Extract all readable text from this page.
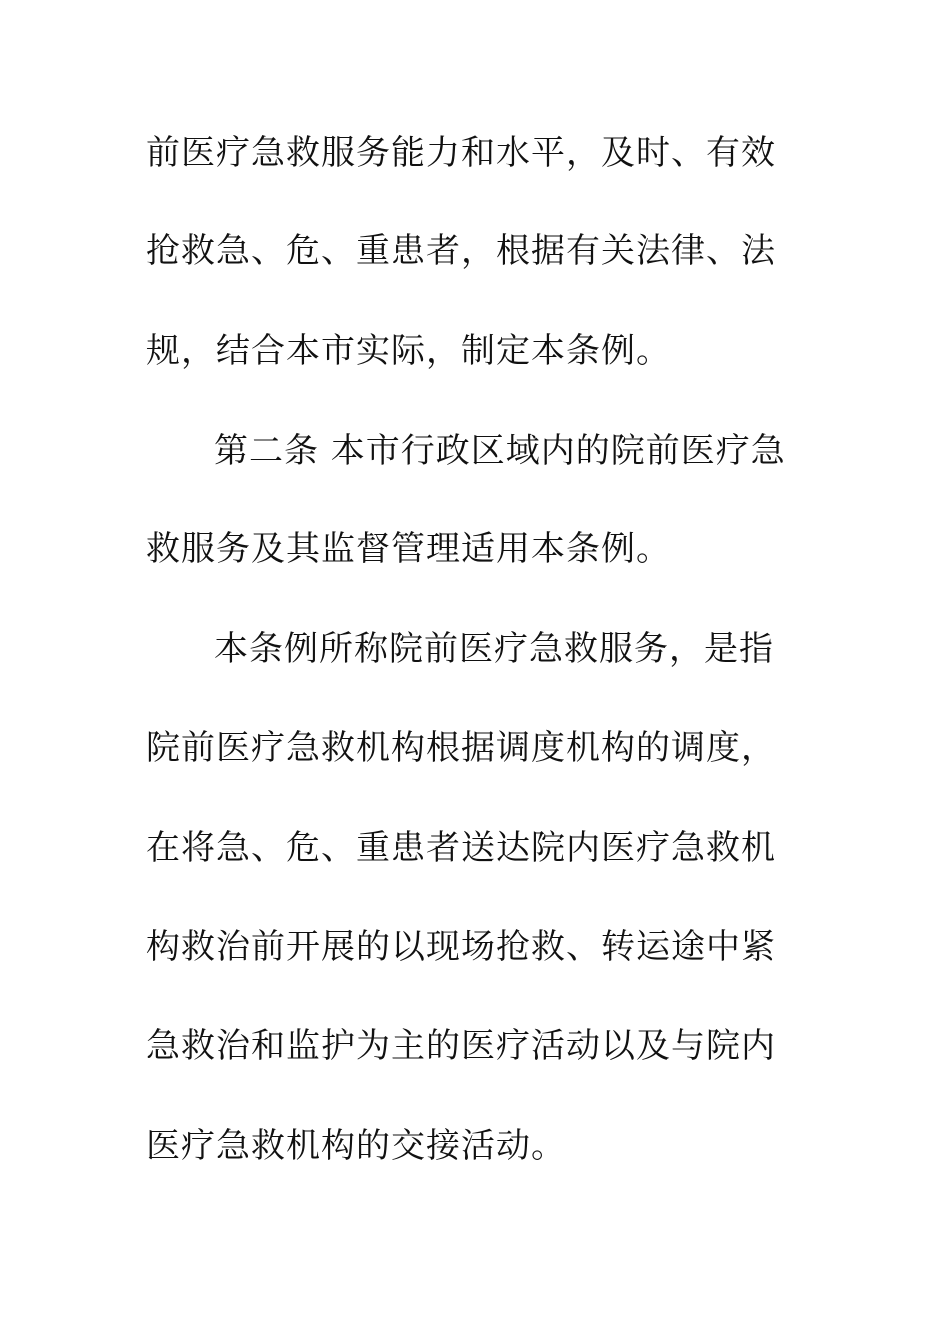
前医疗急救服务能力和水平，及时、有效

抢救急、危、重患者，根据有关法律、法

规，结合本市实际，制定本条例。

第二条 本市行政区域内的院前医疗急

救服务及其监督管理适用本条例。

本条例所称院前医疗急救服务，是指

院前医疗急救机构根据调度机构的调度，

在将急、危、重患者送达院内医疗急救机

构救治前开展的以现场抢救、转运途中紧

急救治和监护为主的医疗活动以及与院内

医疗急救机构的交接活动。
